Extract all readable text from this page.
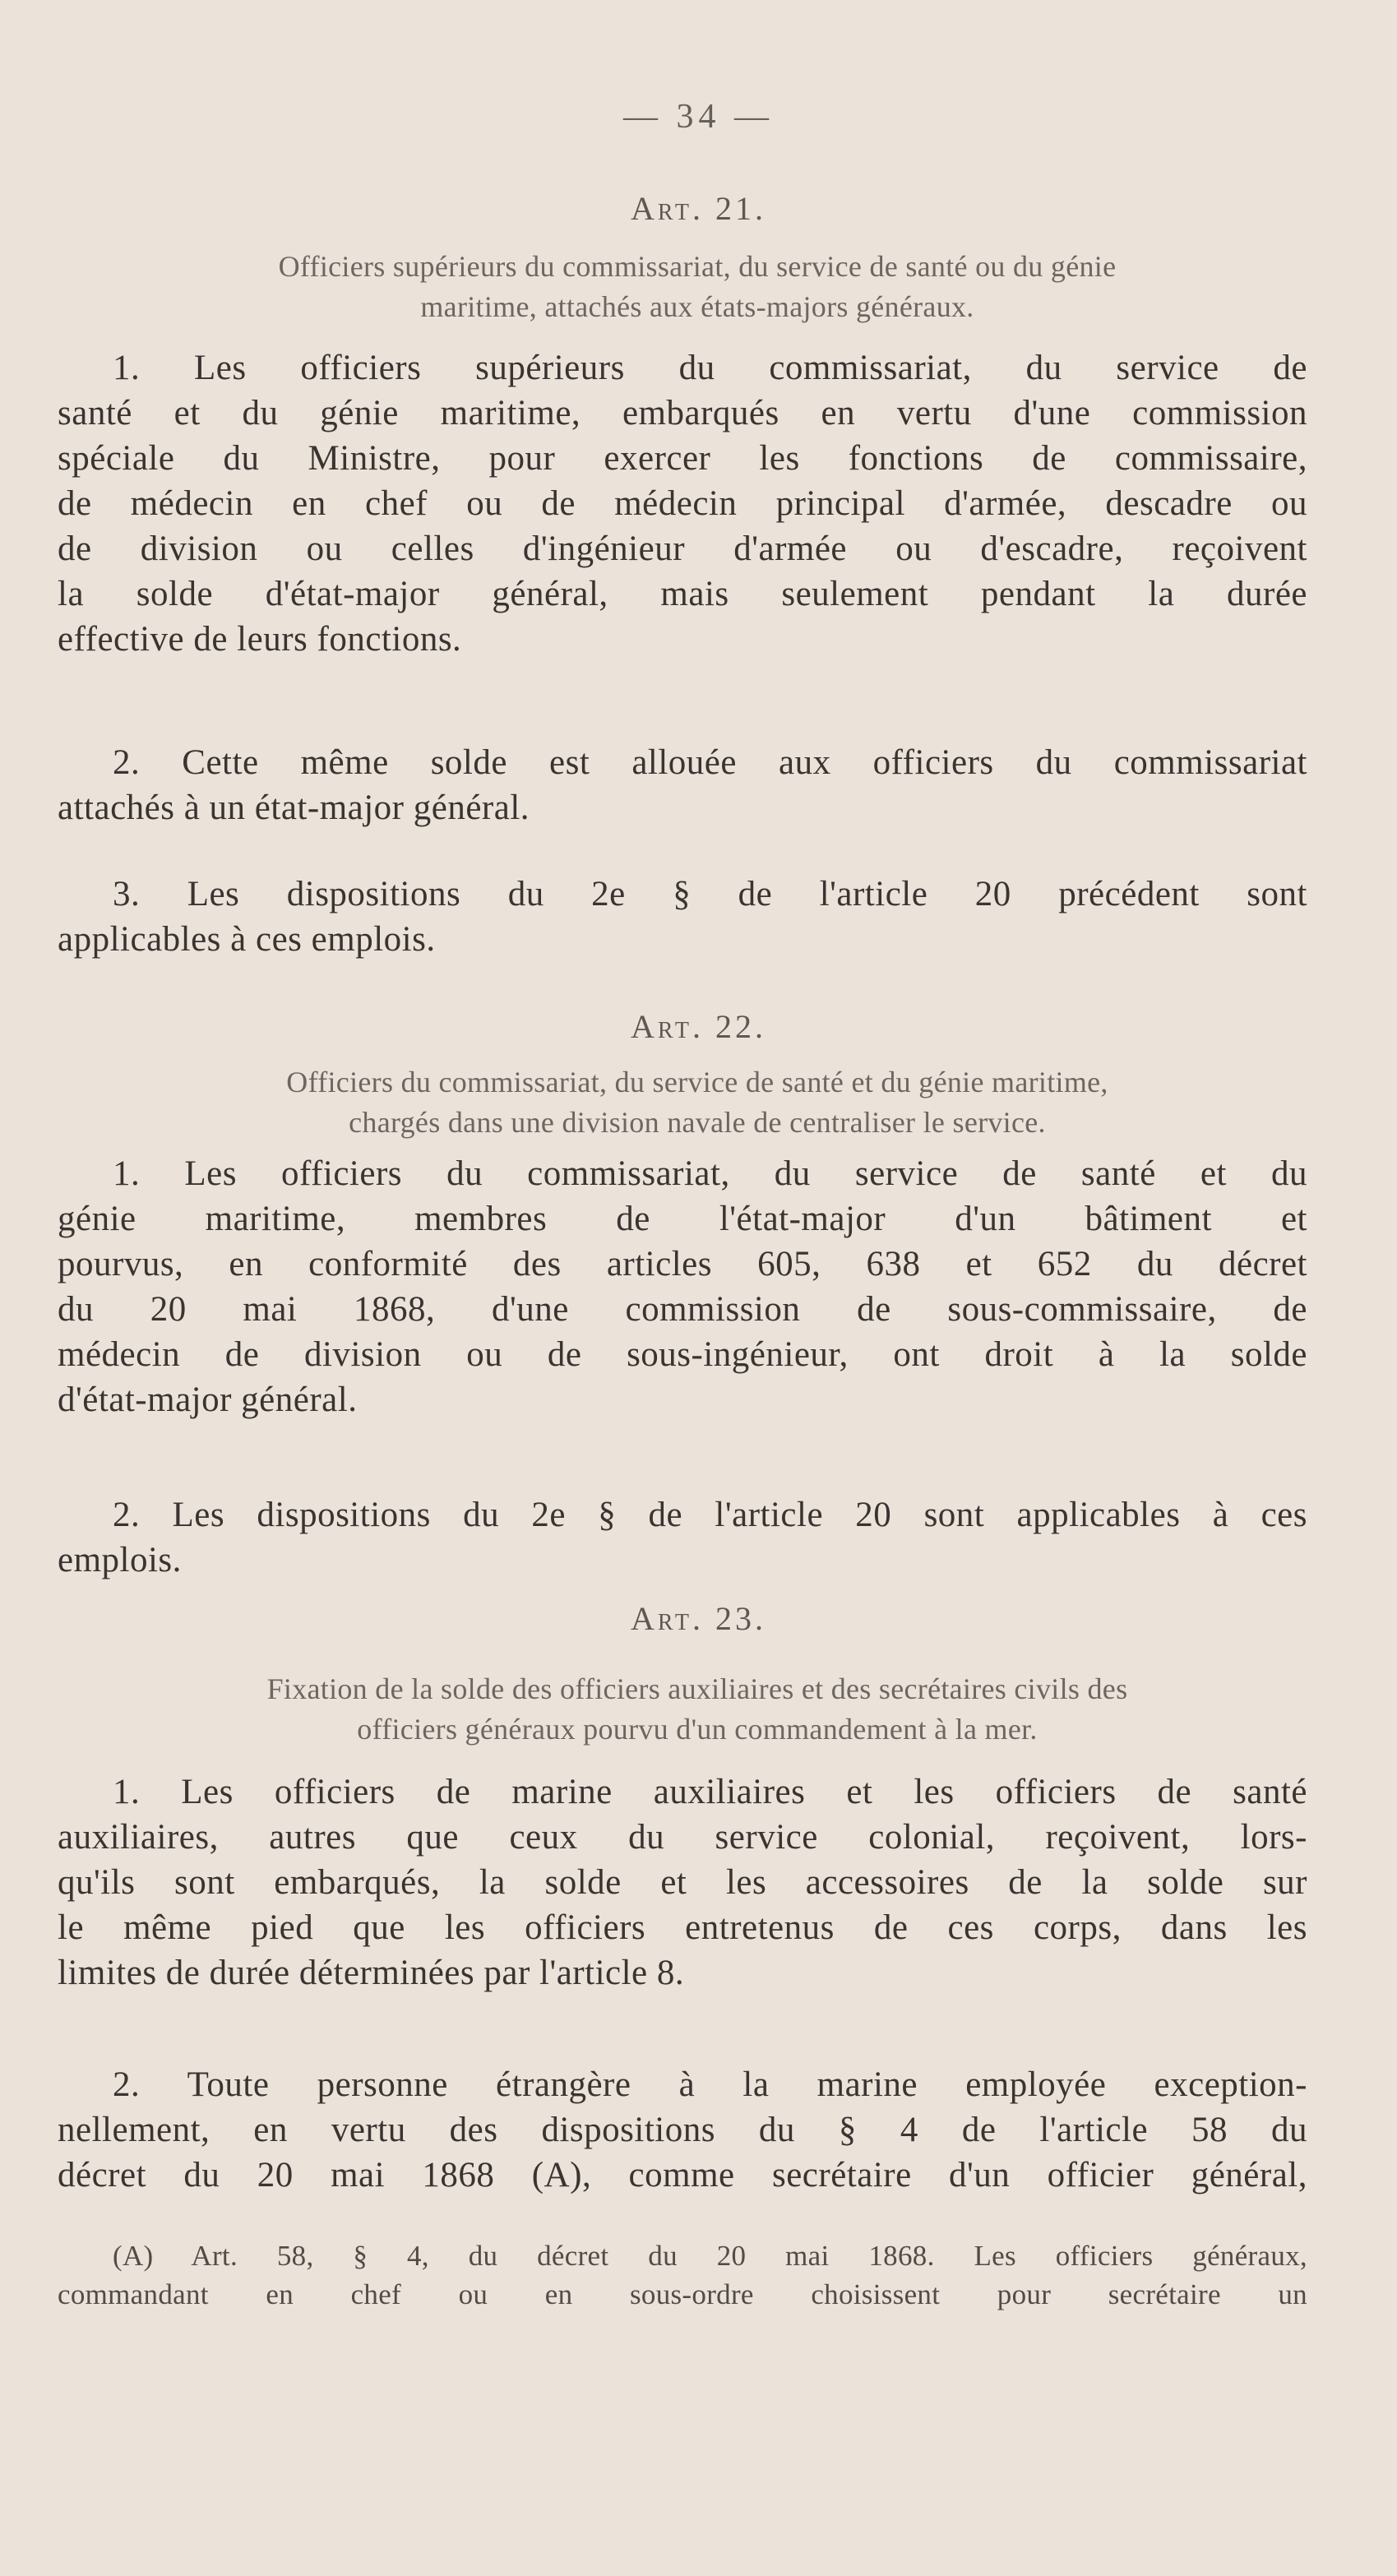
— 34 —
Art. 21.
Officiers supérieurs du commissariat, du service de santé ou du génie
maritime, attachés aux états-majors généraux.
1. Les officiers supérieurs du commissariat, du service de
santé et du génie maritime, embarqués en vertu d'une commission
spéciale du Ministre, pour exercer les fonctions de commissaire,
de médecin en chef ou de médecin principal d'armée, descadre ou
de division ou celles d'ingénieur d'armée ou d'escadre, reçoivent
la solde d'état-major général, mais seulement pendant la durée
effective de leurs fonctions.
2. Cette même solde est allouée aux officiers du commissariat
attachés à un état-major général.
3. Les dispositions du 2e § de l'article 20 précédent sont
applicables à ces emplois.
Art. 22.
Officiers du commissariat, du service de santé et du génie maritime,
chargés dans une division navale de centraliser le service.
1. Les officiers du commissariat, du service de santé et du
génie maritime, membres de l'état-major d'un bâtiment et
pourvus, en conformité des articles 605, 638 et 652 du décret
du 20 mai 1868, d'une commission de sous-commissaire, de
médecin de division ou de sous-ingénieur, ont droit à la solde
d'état-major général.
2. Les dispositions du 2e § de l'article 20 sont applicables à ces
emplois.
Art. 23.
Fixation de la solde des officiers auxiliaires et des secrétaires civils des
officiers généraux pourvu d'un commandement à la mer.
1. Les officiers de marine auxiliaires et les officiers de santé
auxiliaires, autres que ceux du service colonial, reçoivent, lors-
qu'ils sont embarqués, la solde et les accessoires de la solde sur
le même pied que les officiers entretenus de ces corps, dans les
limites de durée déterminées par l'article 8.
2. Toute personne étrangère à la marine employée exception-
nellement, en vertu des dispositions du § 4 de l'article 58 du
décret du 20 mai 1868 (A), comme secrétaire d'un officier général,
(A) Art. 58, § 4, du décret du 20 mai 1868. Les officiers généraux,
commandant en chef ou en sous-ordre choisissent pour secrétaire un
